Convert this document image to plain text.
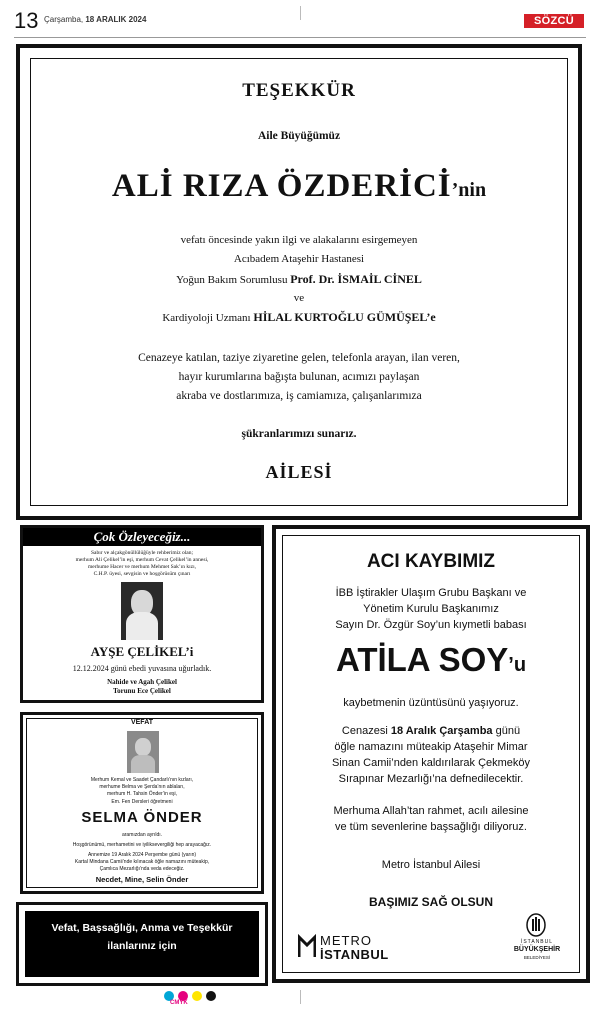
13 Çarşamba, 18 ARALIK 2024	SÖZCÜ
TEŞEKKÜR
Aile Büyüğümüz
ALİ RIZA ÖZDERİCİ’nin
vefatı öncesinde yakın ilgi ve alakalarını esirgemeyen
Acıbadem Ataşehir Hastanesi
Yoğun Bakım Sorumlusu Prof. Dr. İSMAİL CİNEL
ve
Kardiyoloji Uzmanı HİLAL KURTOĞLU GÜMÜŞEL’e
Cenazeye katılan, taziye ziyaretine gelen, telefonla arayan, ilan veren,
hayır kurumlarına bağışta bulunan, acımızı paylaşan
akraba ve dostlarımıza, iş camiamıza, çalışanlarımıza
şükranlarımızı sunarız.
AİLESİ
Çok Özleyeceğiz...
Sabır ve alçakgönüllülüğüyle rehberimiz olan;
merhum Ali Çelikel’in eşi, merhum Cevat Çelikel’in annesi,
merhume Hacer ve merhum Mehmet Sak’ın kızı,
C.H.P. üyesi, sevgisin ve hoşgörüsüm çınarı
AYŞE ÇELİKEL’i
12.12.2024 günü ebedi yuvasına uğurladık.
Nahide ve Agah Çelikel
Torunu Ece Çelikel
VEFAT
Merhum Kemal ve Saadet Çandarlı’nın kızları,
merhume Belma ve Şerda’nın ablaları,
merhum H. Tahsin Önder’in eşi,
Em. Fen Dersleri öğretmeni
SELMA ÖNDER
aramızdan ayrıldı.
Hoşgörünümü, merhametini ve iyiliksevergiliği hep arayacağız.
Annemize 19 Aralık 2024 Perşembe günü (yarın)
Kartal Mindana Camii’nde kılınacak öğle namazını müteakip,
Çamlıca Mezarlığı’nda veda edeceğiz.
Necdet, Mine, Selin Önder
Vefat, Başsağlığı, Anma ve Teşekkür
ilanlarınız için
ACI KAYBIMIZ
İBB İştirakler Ulaşım Grubu Başkanı ve
Yönetim Kurulu Başkanımız
Sayın Dr. Özgür Soy’un kıymetli babası
ATİLA SOY’u
kaybetmenin üzüntüsünü yaşıyoruz.
Cenazesi 18 Aralık Çarşamba günü
öğle namazını müteakip Ataşehir Mimar
Sinan Camii’nden kaldırılarak Çekmeköy
Sırapınar Mezarlığı’na defnedilecektir.
Merhuma Allah’tan rahmet, acılı ailesine
ve tüm sevenlerine başsağlığı diliyoruz.
Metro İstanbul Ailesi
BAŞIMIZ SAĞ OLSUN
METRO
İSTANBUL
İSTANBUL
BÜYÜKŞEHİR
BELEDİYESİ
CMYK
